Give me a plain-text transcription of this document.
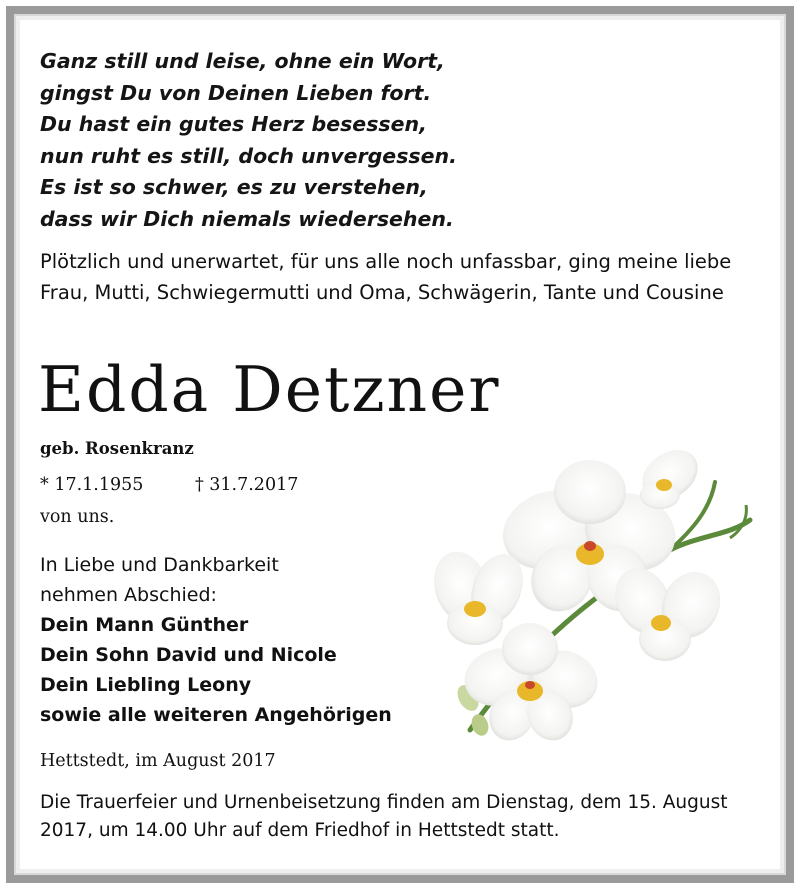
Ganz still und leise, ohne ein Wort,
gingst Du von Deinen Lieben fort.
Du hast ein gutes Herz besessen,
nun ruht es still, doch unvergessen.
Es ist so schwer, es zu verstehen,
dass wir Dich niemals wiedersehen.
Plötzlich und unerwartet, für uns alle noch unfassbar, ging meine liebe Frau, Mutti, Schwiegermutti und Oma, Schwägerin, Tante und Cousine
Edda Detzner
geb. Rosenkranz
* 17.1.1955	† 31.7.2017
von uns.
In Liebe und Dankbarkeit
nehmen Abschied:
Dein Mann Günther
Dein Sohn David und Nicole
Dein Liebling Leony
sowie alle weiteren Angehörigen
Hettstedt, im August 2017
Die Trauerfeier und Urnenbeisetzung finden am Dienstag, dem 15. August 2017, um 14.00 Uhr auf dem Friedhof in Hettstedt statt.
